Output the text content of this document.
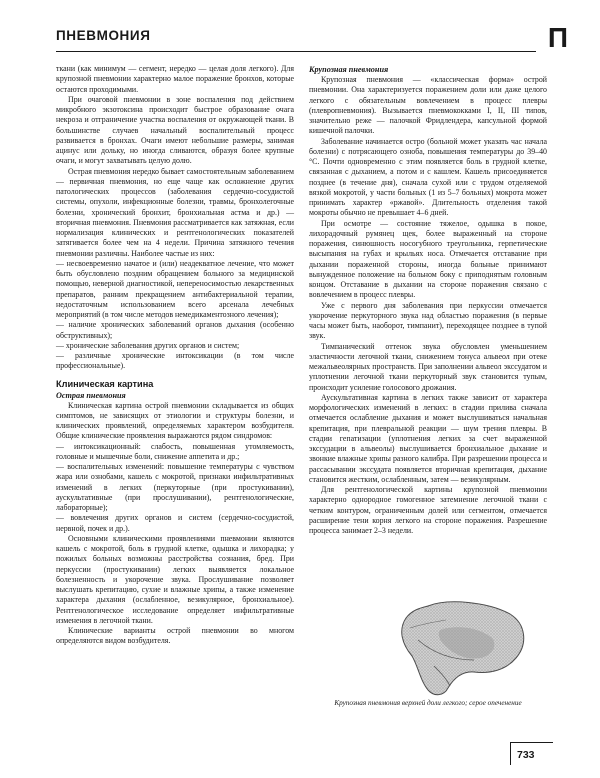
ПНЕВМОНИЯ	П

ткани (как минимум — сегмент, нередко — целая доля легкого). Для крупозной пневмонии характерно малое поражение бронхов, которые остаются проходимыми.

При очаговой пневмонии в зоне воспаления под действием микробного экзотоксина происходит быстрое образование очага некроза и отграничение участка воспаления от окружающей ткани. В большинстве случаев начальный воспалительный процесс развивается в бронхах. Очаги имеют небольшие размеры, занимая ацинус или дольку, но иногда сливаются, образуя более крупные очаги, и могут захватывать целую долю.

Острая пневмония нередко бывает самостоятельным заболеванием — первичная пневмония, но еще чаще как осложнение других патологических процессов (заболевания сердечно-сосудистой системы, опухоли, инфекционные болезни, травмы, бронхолегочные болезни, хронический бронхит, бронхиальная астма и др.) — вторичная пневмония. Пневмония рассматривается как затяжная, если нормализация клинических и рентгенологических показателей затягивается более чем на 4 недели. Причина затяжного течения пневмонии различны. Наиболее частые из них:

— несвоевременно начатое и (или) неадекватное лечение, что может быть обусловлено поздним обращением больного за медицинской помощью, неверной диагностикой, непереносимостью лекарственных препаратов, ранним прекращением антибактериальной терапии, недостаточным использованием всего арсенала лечебных мероприятий (в том числе методов немедикаментозного лечения);

— наличие хронических заболеваний органов дыхания (особенно обструктивных);

— хронические заболевания других органов и систем;

— различные хронические интоксикации (в том числе профессиональные).

Клиническая картина
Острая пневмония

Клиническая картина острой пневмонии складывается из общих симптомов, не зависящих от этиологии и структуры болезни, и клинических проявлений, определяемых характером возбудителя. Общие клинические проявления выражаются рядом синдромов:

— интоксикационный: слабость, повышенная утомляемость, головные и мышечные боли, снижение аппетита и др.;

— воспалительных изменений: повышение температуры с чувством жара или ознобами, кашель с мокротой, признаки инфильтративных изменений в легких (перкуторные (при простукивании), аускультативные (при прослушивании), рентгенологические, лабораторные);

— вовлечения других органов и систем (сердечно-сосудистой, нервной, почек и др.).

Основными клиническими проявлениями пневмонии являются кашель с мокротой, боль в грудной клетке, одышка и лихорадка; у пожилых больных возможны расстройства сознания, бред. При перкуссии (простукивании) легких выявляется локальное болезненность и укорочение звука. Прослушивание позволяет выслушать крепитацию, сухие и влажные хрипы, а также изменение характера дыхания (ослабленное, везикулярное, бронхиальное). Рентгенологическое исследование определяет инфильтративные изменения в легочной ткани.

Клинические варианты острой пневмонии во многом определяются видом возбудителя.

Крупозная пневмония

Крупозная пневмония — «классическая форма» острой пневмонии. Она характеризуется поражением доли или даже целого легкого с обязательным вовлечением в процесс плевры (плевропневмония). Вызывается пневмококками I, II, III типов, значительно реже — палочкой Фридлендера, капсульной формой кишечной палочки.

Заболевание начинается остро (больной может указать час начала болезни) с потрясающего озноба, повышения температуры до 39–40 °С. Почти одновременно с этим появляется боль в грудной клетке, связанная с дыханием, а потом и с кашлем. Кашель присоединяется позднее (в течение дня), сначала сухой или с трудом отделяемой вязкой мокротой, у части больных (1 из 5–7 больных) мокрота может принимать характер «ржавой». Длительность отделения такой мокроты обычно не превышает 4–6 дней.

При осмотре — состояние тяжелое, одышка в покое, лихорадочный румянец щек, более выраженный на стороне поражения, синюшность носогубного треугольника, герпетические высыпания на губах и крыльях носа. Отмечается отставание при дыхании пораженной стороны, иногда больные принимают вынужденное положение на больном боку с приподнятым головным концом. Отставание в дыхании на стороне поражения связано с вовлечением в процесс плевры.

Уже с первого дня заболевания при перкуссии отмечается укорочение перкуторного звука над областью поражения (в первые часы может быть, наоборот, тимпанит), переходящее позднее в тупой звук.

Тимпанический оттенок звука обусловлен уменьшением эластичности легочной ткани, снижением тонуса альвеол при отеке межальвеолярных пространств. При заполнении альвеол экссудатом и уплотнении легочной ткани перкуторный звук становится тупым, происходит усиление голосового дрожания.

Аускультативная картина в легких также зависит от характера морфологических изменений в легких: в стадии прилива сначала отмечается ослабление дыхания и может выслушиваться начальная крепитация, при плевральной реакции — шум трения плевры. В стадии гепатизации (уплотнения легких за счет выраженной экссудации в альвеолы) выслушивается бронхиальное дыхание и звонкие влажные хрипы разного калибра. При разрешении процесса и рассасывании экссудата появляется вторичная крепитация, дыхание становится жестким, ослабленным, затем — везикулярным.

Для рентгенологической картины крупозной пневмонии характерно однородное гомогенное затемнение легочной ткани с четким контуром, ограниченным долей или сегментом, отмечается расширение тени корня легкого на стороне поражения. Разрешение процесса занимает 2–3 недели.

Крупозная пневмония верхней доли легкого; серое опеченение
733
